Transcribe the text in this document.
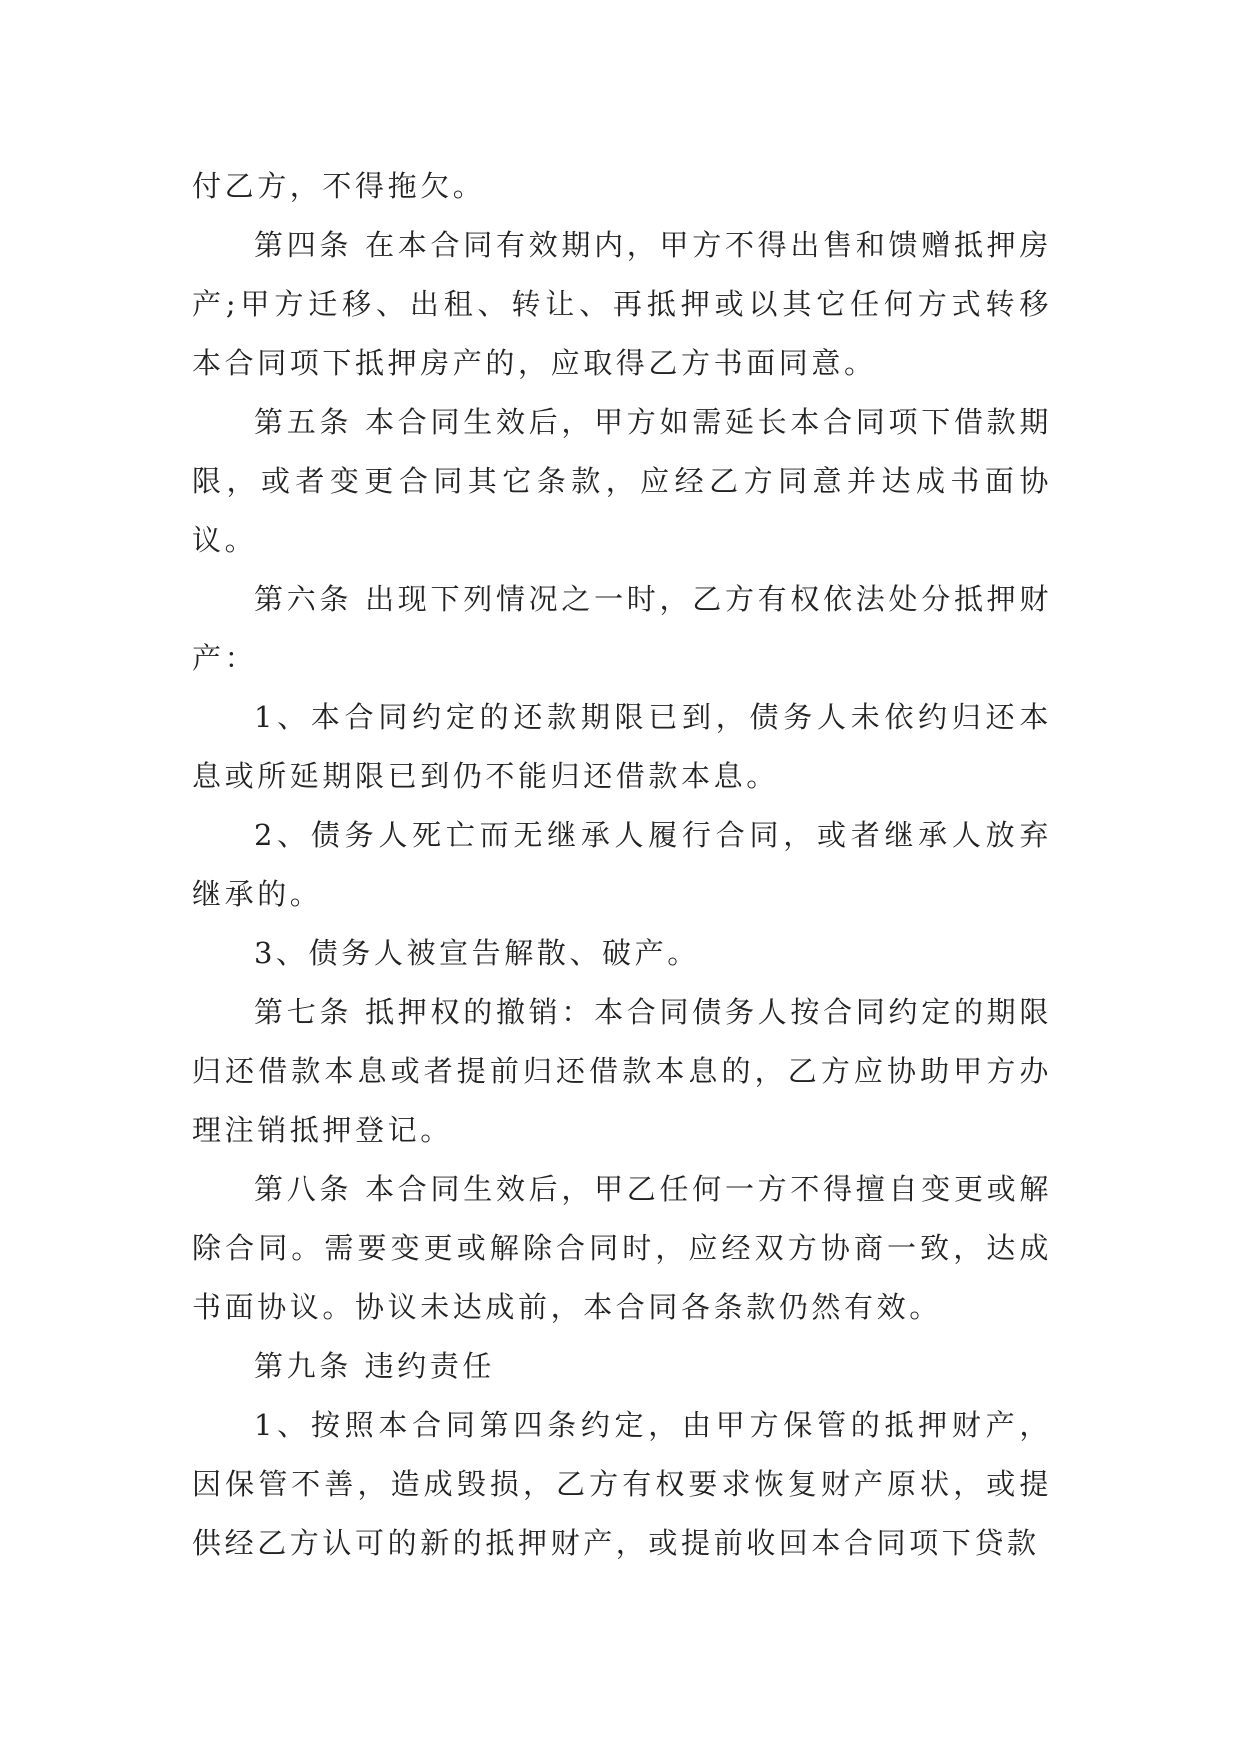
付乙方，不得拖欠。

第四条 在本合同有效期内，甲方不得出售和馈赠抵押房产;甲方迁移、出租、转让、再抵押或以其它任何方式转移本合同项下抵押房产的，应取得乙方书面同意。

第五条 本合同生效后，甲方如需延长本合同项下借款期限，或者变更合同其它条款，应经乙方同意并达成书面协议。

第六条 出现下列情况之一时，乙方有权依法处分抵押财产：

1、本合同约定的还款期限已到，债务人未依约归还本息或所延期限已到仍不能归还借款本息。

2、债务人死亡而无继承人履行合同，或者继承人放弃继承的。

3、债务人被宣告解散、破产。

第七条 抵押权的撤销：本合同债务人按合同约定的期限归还借款本息或者提前归还借款本息的，乙方应协助甲方办理注销抵押登记。

第八条 本合同生效后，甲乙任何一方不得擅自变更或解除合同。需要变更或解除合同时，应经双方协商一致，达成书面协议。协议未达成前，本合同各条款仍然有效。

第九条 违约责任

1、按照本合同第四条约定，由甲方保管的抵押财产，因保管不善，造成毁损，乙方有权要求恢复财产原状，或提供经乙方认可的新的抵押财产，或提前收回本合同项下贷款
